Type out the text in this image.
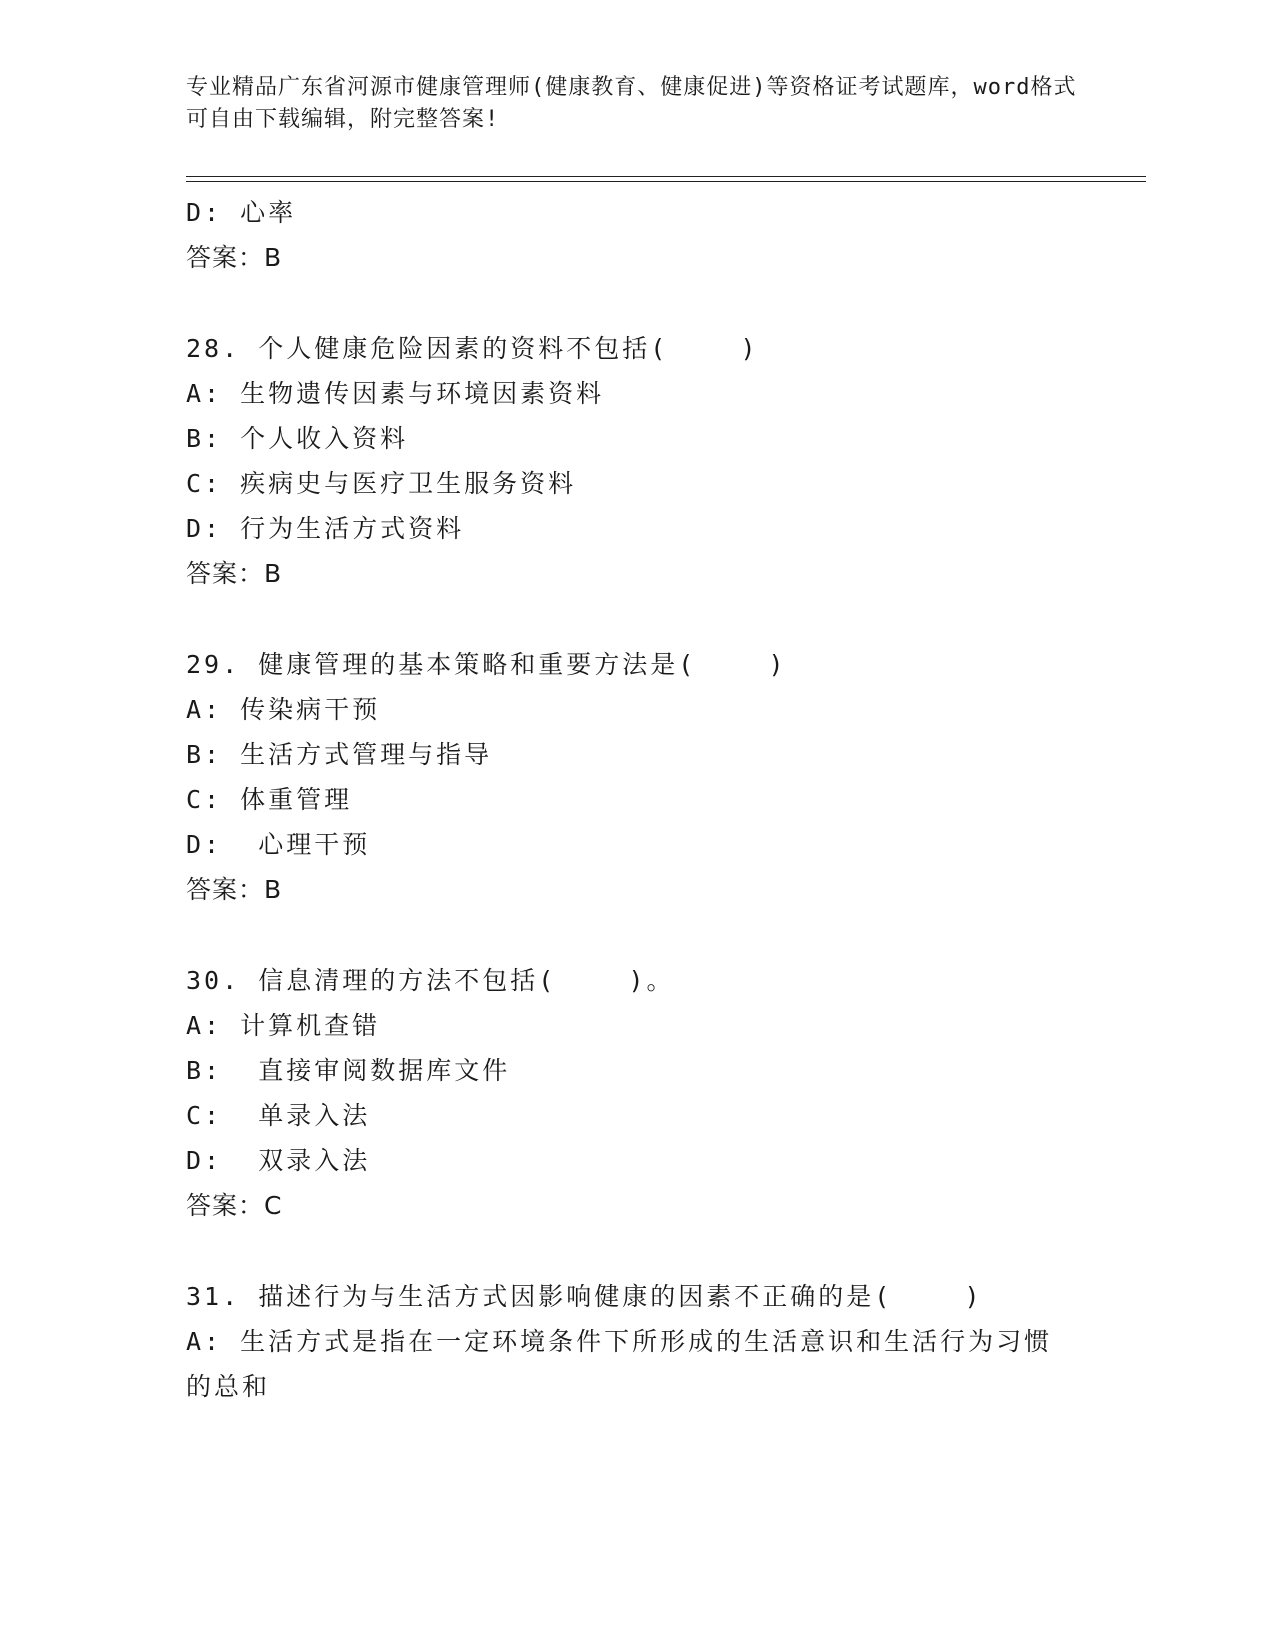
专业精品广东省河源市健康管理师(健康教育、健康促进)等资格证考试题库，word格式可自由下载编辑，附完整答案!
D: 心率
答案：B
28. 个人健康危险因素的资料不包括(    )
A: 生物遗传因素与环境因素资料
B: 个人收入资料
C: 疾病史与医疗卫生服务资料
D: 行为生活方式资料
答案：B
29. 健康管理的基本策略和重要方法是(    )
A: 传染病干预
B: 生活方式管理与指导
C: 体重管理
D:  心理干预
答案：B
30. 信息清理的方法不包括(    )。
A: 计算机查错
B:  直接审阅数据库文件
C:  单录入法
D:  双录入法
答案：C
31. 描述行为与生活方式因影响健康的因素不正确的是(    )
A: 生活方式是指在一定环境条件下所形成的生活意识和生活行为习惯的总和
